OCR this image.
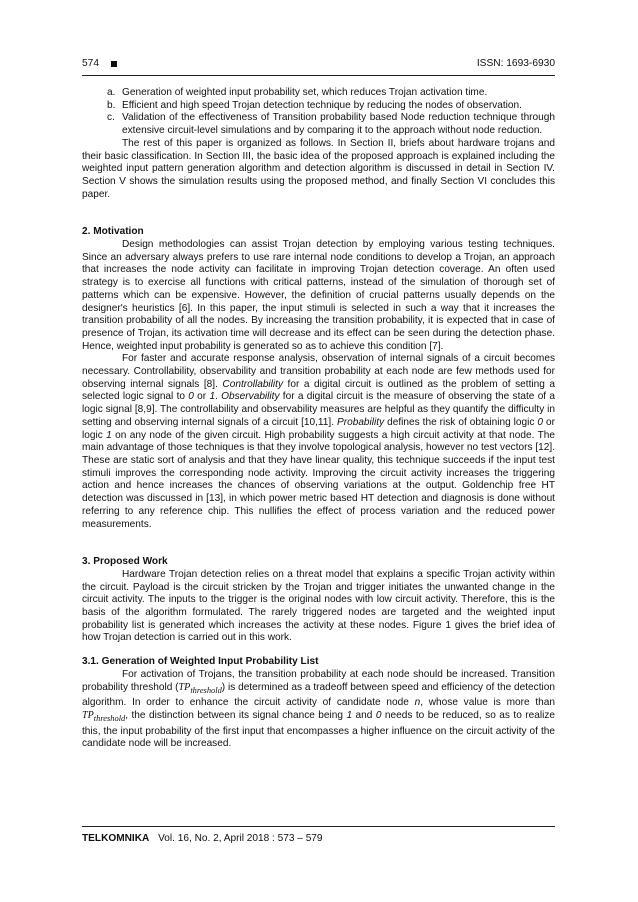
574	ISSN: 1693-6930
a. Generation of weighted input probability set, which reduces Trojan activation time.
b. Efficient and high speed Trojan detection technique by reducing the nodes of observation.
c. Validation of the effectiveness of Transition probability based Node reduction technique through extensive circuit-level simulations and by comparing it to the approach without node reduction.

The rest of this paper is organized as follows. In Section II, briefs about hardware trojans and their basic classification. In Section III, the basic idea of the proposed approach is explained including the weighted input pattern generation algorithm and detection algorithm is discussed in detail in Section IV. Section V shows the simulation results using the proposed method, and finally Section VI concludes this paper.

2. Motivation

Design methodologies can assist Trojan detection by employing various testing techniques. Since an adversary always prefers to use rare internal node conditions to develop a Trojan, an approach that increases the node activity can facilitate in improving Trojan detection coverage. An often used strategy is to exercise all functions with critical patterns, instead of the simulation of thorough set of patterns which can be expensive. However, the definition of crucial patterns usually depends on the designer's heuristics [6]. In this paper, the input stimuli is selected in such a way that it increases the transition probability of all the nodes. By increasing the transition probability, it is expected that in case of presence of Trojan, its activation time will decrease and its effect can be seen during the detection phase. Hence, weighted input probability is generated so as to achieve this condition [7].

For faster and accurate response analysis, observation of internal signals of a circuit becomes necessary. Controllability, observability and transition probability at each node are few methods used for observing internal signals [8]. Controllability for a digital circuit is outlined as the problem of setting a selected logic signal to 0 or 1. Observability for a digital circuit is the measure of observing the state of a logic signal [8,9]. The controllability and observability measures are helpful as they quantify the difficulty in setting and observing internal signals of a circuit [10,11]. Probability defines the risk of obtaining logic 0 or logic 1 on any node of the given circuit. High probability suggests a high circuit activity at that node. The main advantage of those techniques is that they involve topological analysis, however no test vectors [12]. These are static sort of analysis and that they have linear quality, this technique succeeds if the input test stimuli improves the corresponding node activity. Improving the circuit activity increases the triggering action and hence increases the chances of observing variations at the output. Goldenchip free HT detection was discussed in [13], in which power metric based HT detection and diagnosis is done without referring to any reference chip. This nullifies the effect of process variation and the reduced power measurements.

3. Proposed Work

Hardware Trojan detection relies on a threat model that explains a specific Trojan activity within the circuit. Payload is the circuit stricken by the Trojan and trigger initiates the unwanted change in the circuit activity. The inputs to the trigger is the original nodes with low circuit activity. Therefore, this is the basis of the algorithm formulated. The rarely triggered nodes are targeted and the weighted input probability list is generated which increases the activity at these nodes. Figure 1 gives the brief idea of how Trojan detection is carried out in this work.

3.1. Generation of Weighted Input Probability List

For activation of Trojans, the transition probability at each node should be increased. Transition probability threshold $(TP_{threshold})$ is determined as a tradeoff between speed and efficiency of the detection algorithm. In order to enhance the circuit activity of candidate node n, whose value is more than $TP_{threshold}$, the distinction between its signal chance being 1 and 0 needs to be reduced, so as to realize this, the input probability of the first input that encompasses a higher influence on the circuit activity of the candidate node will be increased.

TELKOMNIKA Vol. 16, No. 2, April 2018 : 573 – 579
